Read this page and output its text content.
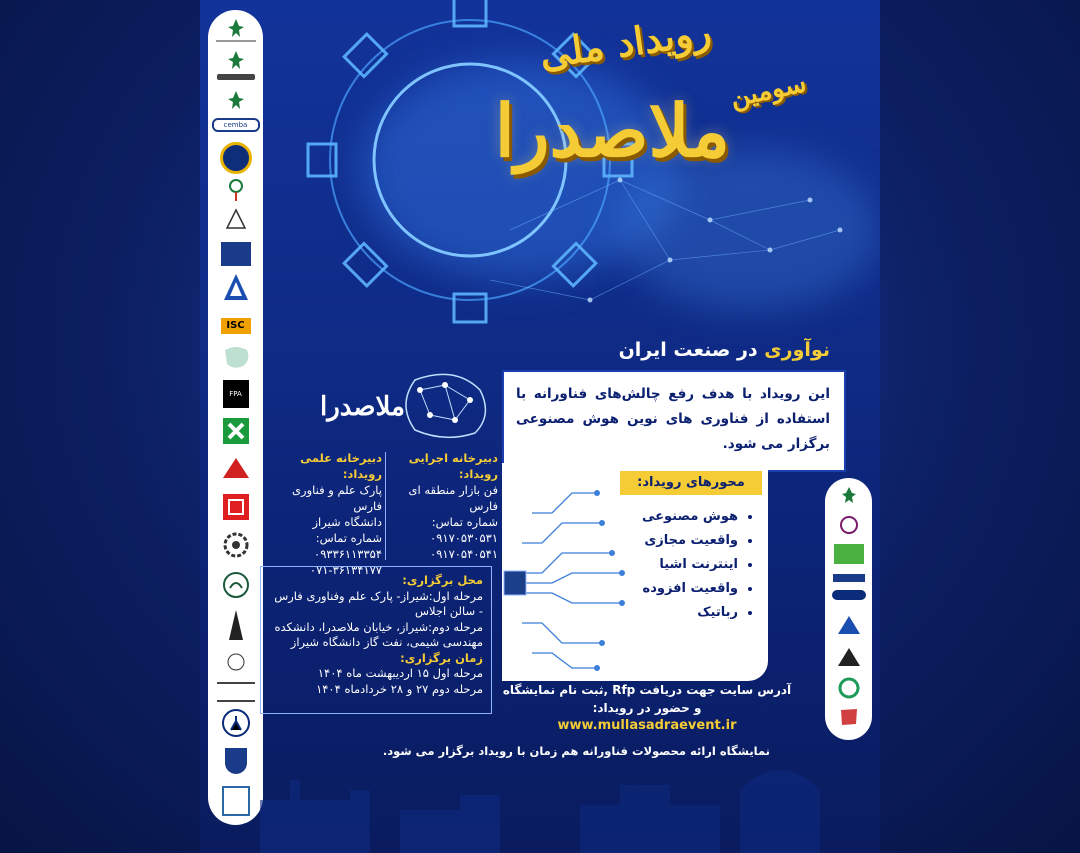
رویداد ملی
سومین
ملاصدرا
نوآوری در صنعت ایران
cemba
ISC
FPA	ملاصدرا	این رویداد با هدف رفع چالش‌های فناورانه با استفاده از فناوری های نوین هوش مصنوعی برگزار می شود.

محورهای رویداد:
• هوش مصنوعی
• واقعیت مجازی
• اینترنت اشیا
• واقعیت افزوده
• رباتیک
دبیرخانه علمی رویداد:
پارک علم و فناوری فارس
دانشگاه شیراز
شماره تماس:
۰۹۳۳۶۱۱۳۳۵۴
۰۷۱-۳۶۱۳۴۱۷۷
دبیرخانه اجرایی رویداد:
فن بازار منطقه ای فارس
شماره تماس:
۰۹۱۷۰۵۳۰۵۳۱
۰۹۱۷۰۵۴۰۵۴۱
محل برگزاری:
مرحله اول:شیراز- پارک علم وفناوری فارس - سالن اجلاس
مرحله دوم:شیراز، خیابان ملاصدرا، دانشکده مهندسی شیمی، نفت گاز دانشگاه شیراز
زمان برگزاری:
مرحله اول ۱۵ اردیبهشت ماه ۱۴۰۴
مرحله دوم ۲۷ و ۲۸ خردادماه ۱۴۰۴ آدرس سایت جهت دریافت Rfp ,ثبت نام نمایشگاه
و حضور در رویداد:
www.mullasadraevent.ir
نمایشگاه ارائه محصولات فناورانه هم زمان با رویداد برگزار می شود.
